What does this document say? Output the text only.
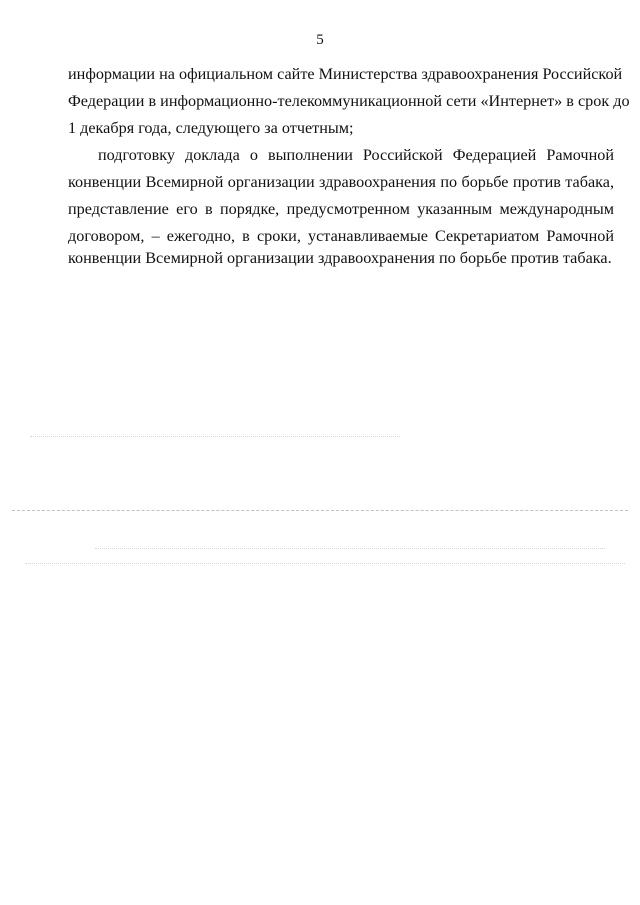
5
информации на официальном сайте Министерства здравоохранения Российской
Федерации в информационно-телекоммуникационной сети «Интернет» в срок до
1 декабря года, следующего за отчетным;
подготовку доклада о выполнении Российской Федерацией Рамочной
конвенции Всемирной организации здравоохранения по борьбе против табака,
представление его в порядке, предусмотренном указанным международным
договором, – ежегодно, в сроки, устанавливаемые Секретариатом Рамочной
конвенции Всемирной организации здравоохранения по борьбе против табака.
